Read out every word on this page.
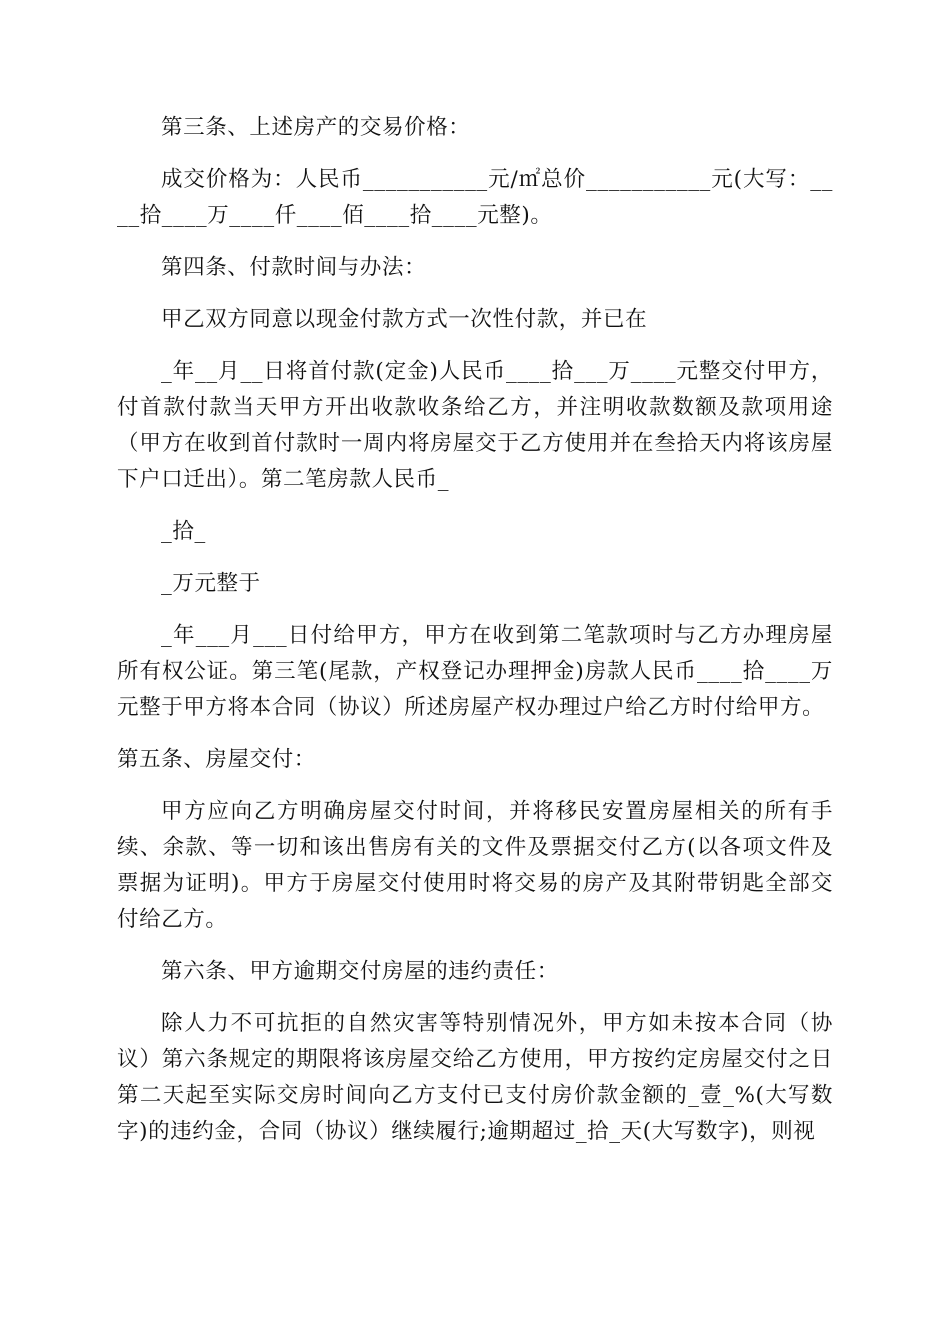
第三条、上述房产的交易价格：

成交价格为：人民币___________元/㎡总价___________元(大写：____拾____万____仟____佰____拾____元整)。

第四条、付款时间与办法：

甲乙双方同意以现金付款方式一次性付款，并已在

_年__月__日将首付款(定金)人民币____拾___万____元整交付甲方，付首款付款当天甲方开出收款收条给乙方，并注明收款数额及款项用途（甲方在收到首付款时一周内将房屋交于乙方使用并在叁拾天内将该房屋下户口迁出）。第二笔房款人民币_

_拾_

_万元整于

_年___月___日付给甲方，甲方在收到第二笔款项时与乙方办理房屋所有权公证。第三笔(尾款，产权登记办理押金)房款人民币____拾____万元整于甲方将本合同（协议）所述房屋产权办理过户给乙方时付给甲方。

第五条、房屋交付：

甲方应向乙方明确房屋交付时间，并将移民安置房屋相关的所有手续、余款、等一切和该出售房有关的文件及票据交付乙方(以各项文件及票据为证明)。甲方于房屋交付使用时将交易的房产及其附带钥匙全部交付给乙方。

第六条、甲方逾期交付房屋的违约责任：

除人力不可抗拒的自然灾害等特别情况外，甲方如未按本合同（协议）第六条规定的期限将该房屋交给乙方使用，甲方按约定房屋交付之日第二天起至实际交房时间向乙方支付已支付房价款金额的_壹_%(大写数字)的违约金，合同（协议）继续履行;逾期超过_拾_天(大写数字)，则视
